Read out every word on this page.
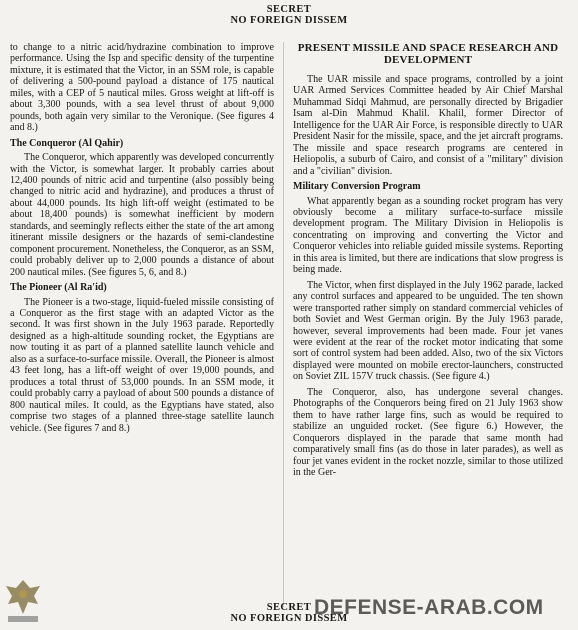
SECRET
NO FOREIGN DISSEM

to change to a nitric acid/hydrazine combination to improve performance. Using the Isp and specific density of the turpentine mixture, it is estimated that the Victor, in an SSM role, is capable of delivering a 500-pound payload a distance of 175 nautical miles, with a CEP of 5 nautical miles. Gross weight at lift-off is about 3,300 pounds, with a sea level thrust of about 9,000 pounds, both again very similar to the Veronique. (See figures 4 and 8.)

The Conqueror (Al Qahir)

The Conqueror, which apparently was developed concurrently with the Victor, is somewhat larger. It probably carries about 12,400 pounds of nitric acid and turpentine (also possibly being changed to nitric acid and hydrazine), and produces a thrust of about 44,000 pounds. Its high lift-off weight (estimated to be about 18,400 pounds) is somewhat inefficient by modern standards, and seemingly reflects either the state of the art among itinerant missile designers or the hazards of semi-clandestine component procurement. Nonetheless, the Conqueror, as an SSM, could probably deliver up to 2,000 pounds a distance of about 200 nautical miles. (See figures 5, 6, and 8.)

The Pioneer (Al Ra'id)

The Pioneer is a two-stage, liquid-fueled missile consisting of a Conqueror as the first stage with an adapted Victor as the second. It was first shown in the July 1963 parade. Reportedly designed as a high-altitude sounding rocket, the Egyptians are now touting it as part of a planned satellite launch vehicle and also as a surface-to-surface missile. Overall, the Pioneer is almost 43 feet long, has a lift-off weight of over 19,000 pounds, and produces a total thrust of 53,000 pounds. In an SSM mode, it could probably carry a payload of about 500 pounds a distance of 800 nautical miles. It could, as the Egyptians have stated, also comprise two stages of a planned three-stage satellite launch vehicle. (See figures 7 and 8.)

PRESENT MISSILE AND SPACE RESEARCH AND DEVELOPMENT

The UAR missile and space programs, controlled by a joint UAR Armed Services Committee headed by Air Chief Marshal Muhammad Sidqi Mahmud, are personally directed by Brigadier Isam al-Din Mahmud Khalil. Khalil, former Director of Intelligence for the UAR Air Force, is responsible directly to UAR President Nasir for the missile, space, and the jet aircraft programs. The missile and space research programs are centered in Heliopolis, a suburb of Cairo, and consist of a "military" division and a "civilian" division.

Military Conversion Program

What apparently began as a sounding rocket program has very obviously become a military surface-to-surface missile development program. The Military Division in Heliopolis is concentrating on improving and converting the Victor and Conqueror vehicles into reliable guided missile systems. Reporting in this area is limited, but there are indications that slow progress is being made.

The Victor, when first displayed in the July 1962 parade, lacked any control surfaces and appeared to be unguided. The ten shown were transported rather simply on standard commercial vehicles of both Soviet and West German origin. By the July 1963 parade, however, several improvements had been made. Four jet vanes were evident at the rear of the rocket motor indicating that some sort of control system had been added. Also, two of the six Victors displayed were mounted on mobile erector-launchers, constructed on Soviet ZIL 157V truck chassis. (See figure 4.)

The Conqueror, also, has undergone several changes. Photographs of the Conquerors being fired on 21 July 1963 show them to have rather large fins, such as would be required to stabilize an unguided rocket. (See figure 6.) However, the Conquerors displayed in the parade that same month had comparatively small fins (as do those in later parades), as well as four jet vanes evident in the rocket nozzle, similar to those utilized in the Ger-

SECRET
NO FOREIGN DISSEM
DEFENSE-ARAB.COM
